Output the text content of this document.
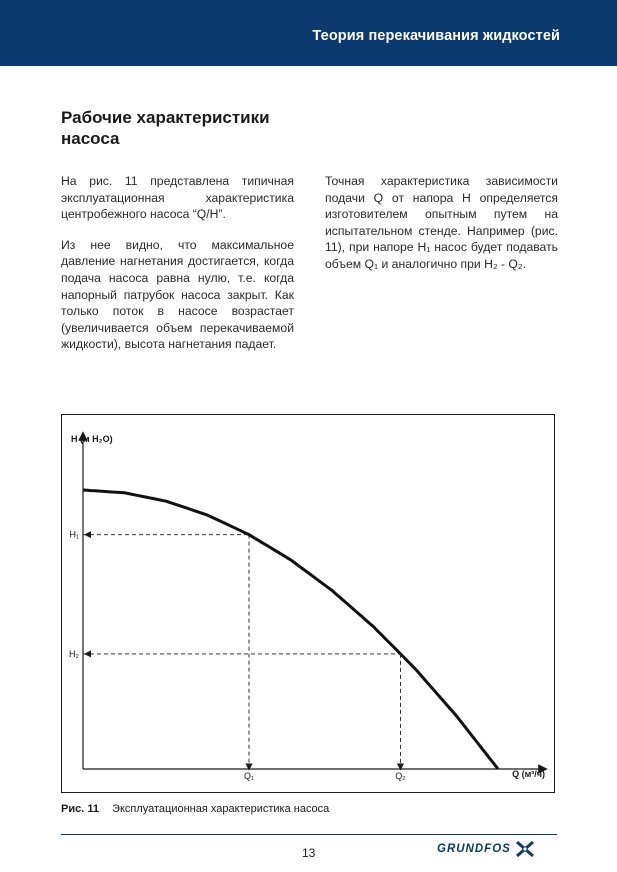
Теория перекачивания жидкостей
Рабочие характеристики насоса

На рис. 11 представлена типичная эксплуатационная характеристика центробежного насоса “Q/H”.

Из нее видно, что максимальное давление нагнетания достигается, когда подача насоса равна нулю, т.е. когда напорный патрубок насоса закрыт. Как только поток в насосе возрастает (увеличивается объем перекачиваемой жидкости), высота нагнетания падает.

Точная характеристика зависимости подачи Q от напора H определяется изготовителем опытным путем на испытательном стенде. Например (рис. 11), при напоре H₁ насос будет подавать объем Q₁ и аналогично при H₂ - Q₂.

H (м H₂O)
Q (м³/ч)
H₁
Q₁
H₂
Q₂
Рис. 11 Эксплуатационная характеристика насоса
13	GRUNDFOS
